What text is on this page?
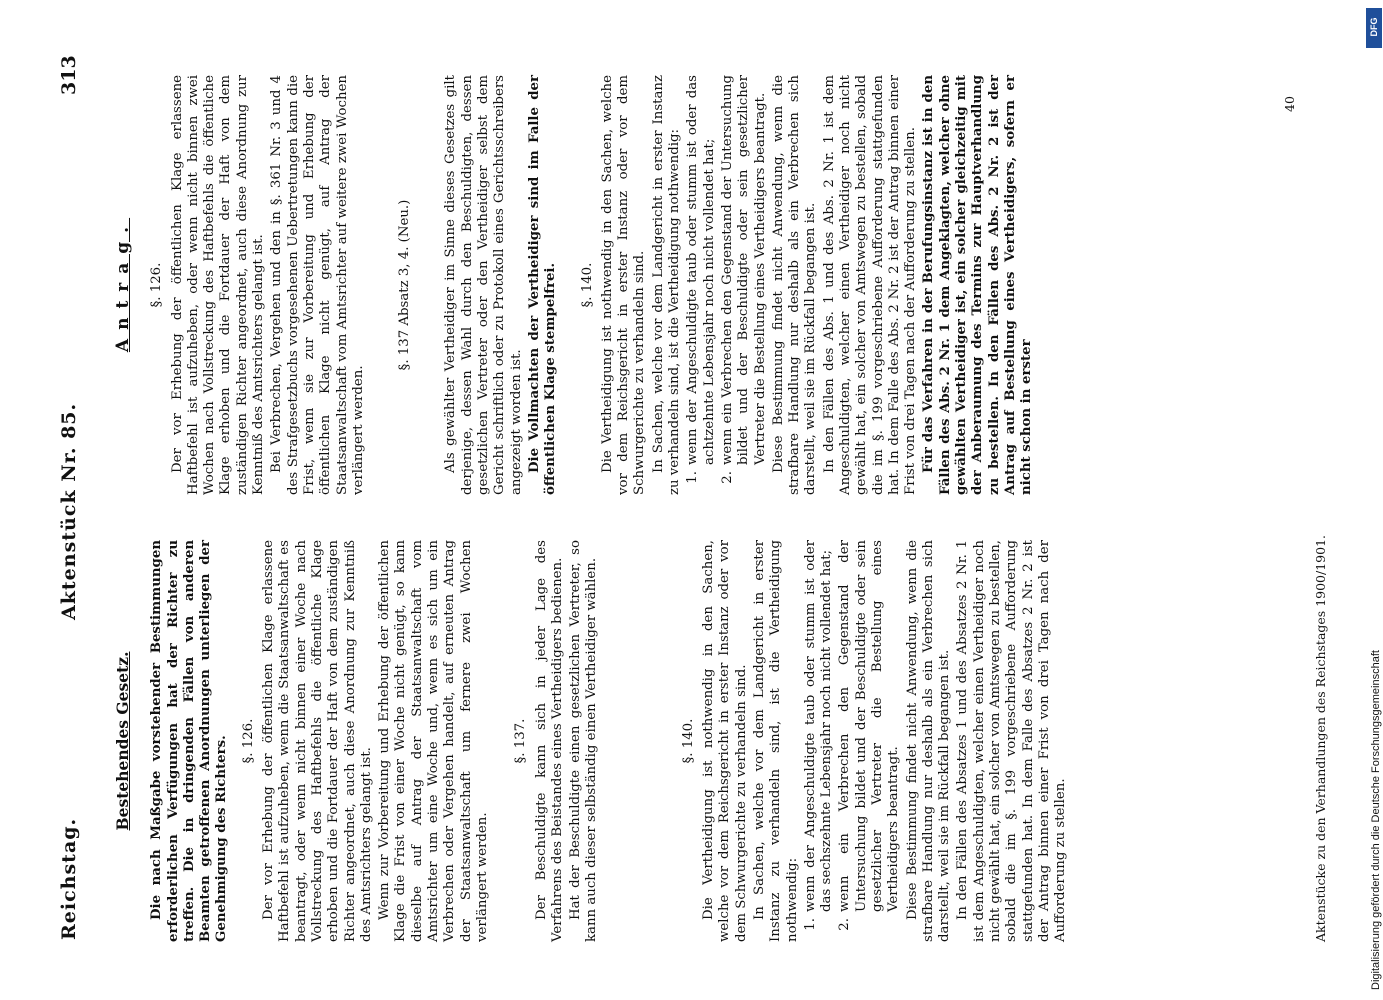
Reichstag.
Aktenstück Nr. 85.
313

Bestehendes Gesetz. Die nach Maßgabe vorstehender Bestimmungen erforderlichen Verfügungen hat der Richter zu treffen. Die in dringenden Fällen von anderen Beamten getroffenen Anordnungen unterliegen der Genehmigung des Richters. §. 126. Der vor Erhebung der öffentlichen Klage erlassene Haftbefehl ist aufzuheben, wenn die Staatsanwaltschaft es beantragt, oder wenn nicht binnen einer Woche nach Vollstreckung des Haftbefehls die öffentliche Klage erhoben und die Fortdauer der Haft von dem zuständigen Richter angeordnet, auch diese Anordnung zur Kenntniß des Amtsrichters gelangt ist. Wenn zur Vorbereitung und Erhebung der öffentlichen Klage die Frist von einer Woche nicht genügt, so kann dieselbe auf Antrag der Staatsanwaltschaft vom Amtsrichter um eine Woche und, wenn es sich um ein Verbrechen oder Vergehen handelt, auf erneuten Antrag der Staatsanwaltschaft um fernere zwei Wochen verlängert werden.

§. 137. Der Beschuldigte kann sich in jeder Lage des Verfahrens des Beistandes eines Vertheidigers bedienen. Hat der Beschuldigte einen gesetzlichen Vertreter, so kann auch dieser selbständig einen Vertheidiger wählen.	§. 140. Die Vertheidigung ist nothwendig in den Sachen, welche vor dem Reichsgericht in erster Instanz oder vor dem Schwurgerichte zu verhandeln sind. In Sachen, welche vor dem Landgericht in erster Instanz zu verhandeln sind, ist die Vertheidigung nothwendig: 1.
wenn der Angeschuldigte taub oder stumm ist oder das sechszehnte Lebensjahr noch nicht vollendet hat;
2.
wenn ein Verbrechen den Gegenstand der Untersuchung bildet und der Beschuldigte oder sein gesetzlicher Vertreter die Bestellung eines Vertheidigers beantragt. Diese Bestimmung findet nicht Anwendung, wenn die strafbare Handlung nur deshalb als ein Verbrechen sich darstellt, weil sie im Rückfall begangen ist. In den Fällen des Absatzes 1 und des Absatzes 2 Nr. 1 ist dem Angeschuldigten, welcher einen Vertheidiger noch nicht gewählt hat, ein solcher von Amtswegen zu bestellen, sobald die im §. 199 vorgeschriebene Aufforderung stattgefunden hat. In dem Falle des Absatzes 2 Nr. 2 ist der Antrag binnen einer Frist von drei Tagen nach der Aufforderung zu stellen.

Antrag. §. 126. Der vor Erhebung der öffentlichen Klage erlassene Haftbefehl ist aufzuheben, oder wenn nicht binnen zwei Wochen nach Vollstreckung des Haftbefehls die öffentliche Klage erhoben und die Fortdauer der Haft von dem zuständigen Richter angeordnet, auch diese Anordnung zur Kenntniß des Amtsrichters gelangt ist. Bei Verbrechen, Vergehen und den in §. 361 Nr. 3 und 4 des Strafgesetzbuchs vorgesehenen Uebertretungen kann die Frist, wenn sie zur Vorbereitung und Erhebung der öffentlichen Klage nicht genügt, auf Antrag der Staatsanwaltschaft vom Amtsrichter auf weitere zwei Wochen verlängert werden.

§. 137 Absatz 3, 4. (Neu.) Als gewählter Vertheidiger im Sinne dieses Gesetzes gilt derjenige, dessen Wahl durch den Beschuldigten, dessen gesetzlichen Vertreter oder den Vertheidiger selbst dem Gericht schriftlich oder zu Protokoll eines Gerichtsschreibers angezeigt worden ist. Die Vollmachten der Vertheidiger sind im Falle der öffentlichen Klage stempelfrei. §. 140. Die Vertheidigung ist nothwendig in den Sachen, welche vor dem Reichsgericht in erster Instanz oder vor dem Schwurgerichte zu verhandeln sind. In Sachen, welche vor dem Landgericht in erster Instanz zu verhandeln sind, ist die Vertheidigung nothwendig: 1.
wenn der Angeschuldigte taub oder stumm ist oder das achtzehnte Lebensjahr noch nicht vollendet hat;
2.
wenn ein Verbrechen den Gegenstand der Untersuchung bildet und der Beschuldigte oder sein gesetzlicher Vertreter die Bestellung eines Vertheidigers beantragt. Diese Bestimmung findet nicht Anwendung, wenn die strafbare Handlung nur deshalb als ein Verbrechen sich darstellt, weil sie im Rückfall begangen ist. In den Fällen des Abs. 1 und des Abs. 2 Nr. 1 ist dem Angeschuldigten, welcher einen Vertheidiger noch nicht gewählt hat, ein solcher von Amtswegen zu bestellen, sobald die im §. 199 vorgeschriebene Aufforderung stattgefunden hat. In dem Falle des Abs. 2 Nr. 2 ist der Antrag binnen einer Frist von drei Tagen nach der Aufforderung zu stellen. Für das Verfahren in der Berufungsinstanz ist in den Fällen des Abs. 2 Nr. 1 dem Angeklagten, welcher ohne gewählten Vertheidiger ist, ein solcher gleichzeitig mit der Anberaumung des Termins zur Hauptverhandlung zu bestellen. In den Fällen des Abs. 2 Nr. 2 ist der Antrag auf Bestellung eines Vertheidigers, sofern er nicht schon in erster

40
Aktenstücke zu den Verhandlungen des Reichstages 1900/1901.	Digitalisierung gefördert durch die Deutsche Forschungsgemeinschaft
DFG
